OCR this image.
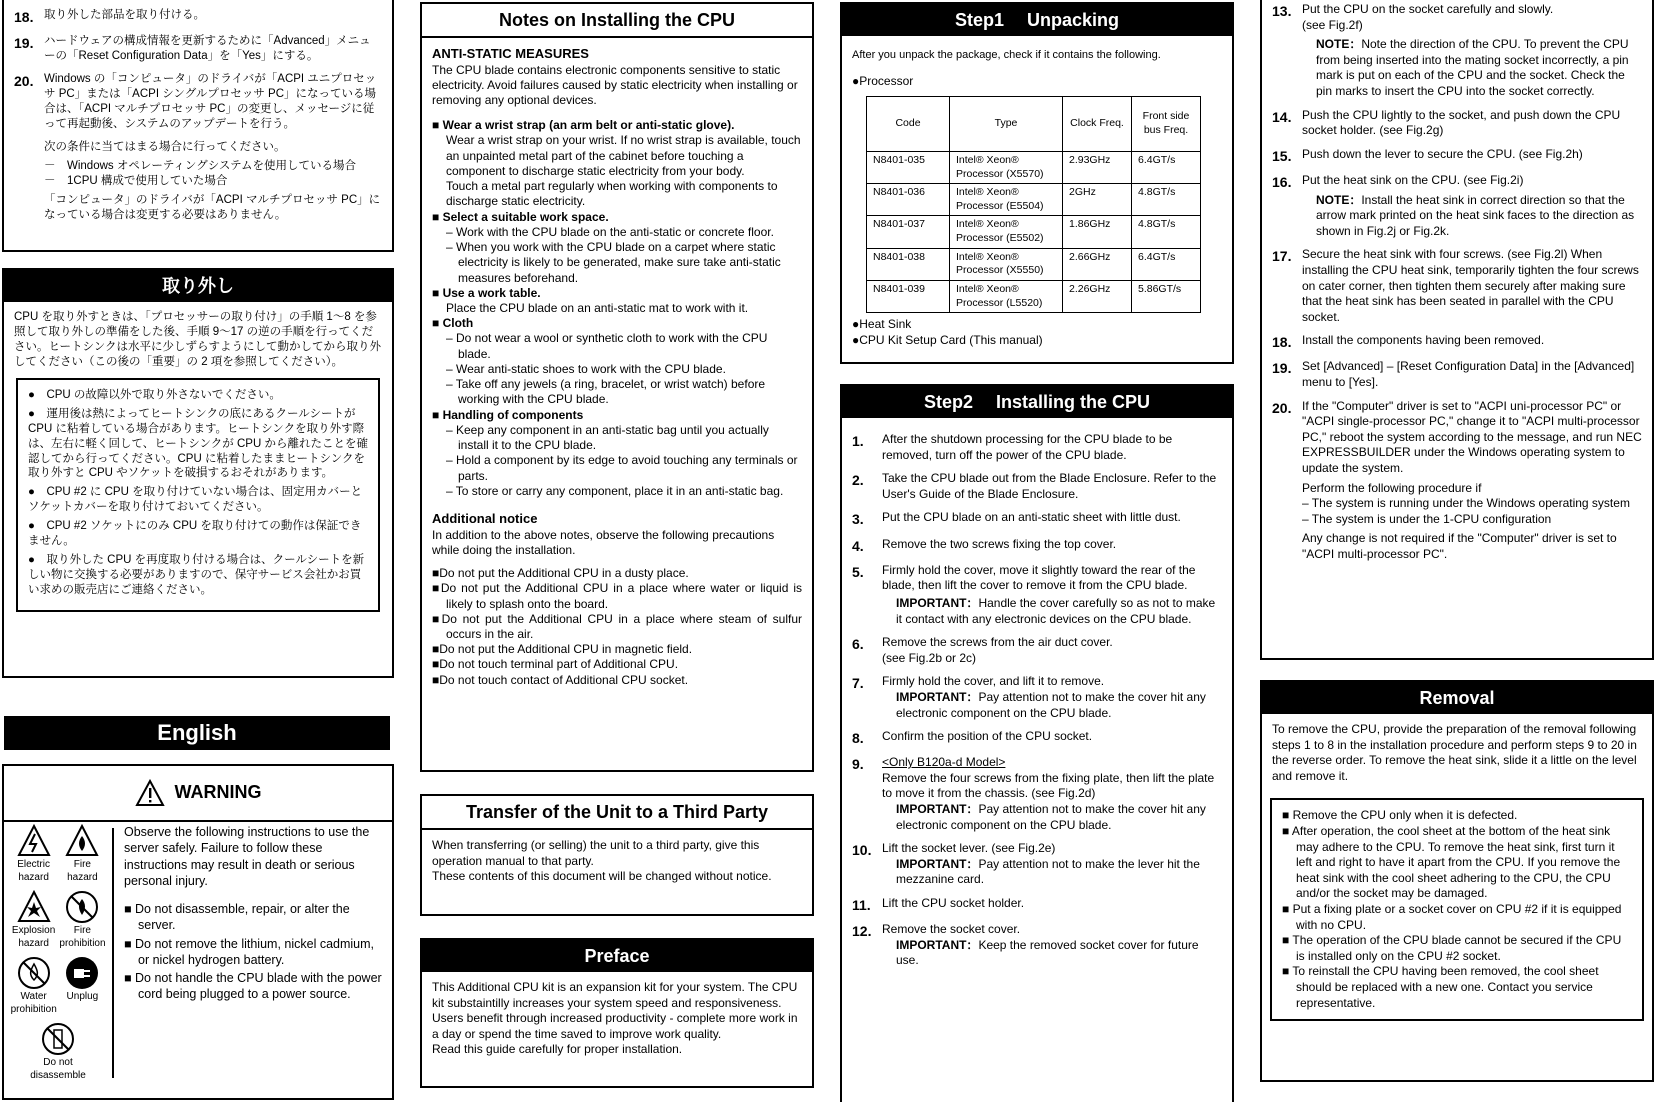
18. 取り外した部品を取り付ける。
19. ハードウェアの構成情報を更新するために「Advanced」メニューの「Reset Configuration Data」を「Yes」にする。
20. Windows の「コンピュータ」のドライバが「ACPI ユニプロセッサ PC」または「ACPI シングルプロセッサ PC」になっている場合は、「ACPI マルチプロセッサ PC」の変更し、メッセージに従って再起動後、システムのアップデートを行う。

次の条件に当てはまる場合に行ってください。

－　Windows オペレーティングシステムを使用している場合

－　1CPU 構成で使用していた場合

「コンピュータ」のドライバが「ACPI マルチプロセッサ PC」になっている場合は変更する必要はありません。

取り外し

CPU を取り外すときは、「プロセッサーの取り付け」の手順 1～8 を参照して取り外しの準備をした後、手順 9～17 の逆の手順を行ってください。ヒートシンクは水平に少しずらすようにして動かしてから取り外してください（この後の「重要」の 2 項を参照してください）。

●　CPU の故障以外で取り外さないでください。

●　運用後は熱によってヒートシンクの底にあるクールシートが CPU に粘着している場合があります。ヒートシンクを取り外す際は、左右に軽く回して、ヒートシンクが CPU から離れたことを確認してから行ってください。CPU に粘着したままヒートシンクを取り外すと CPU やソケットを破損するおそれがあります。

●　CPU #2 に CPU を取り付けていない場合は、固定用カバーとソケットカバーを取り付けておいてください。

●　CPU #2 ソケットにのみ CPU を取り付けての動作は保証できません。

●　取り外した CPU を再度取り付ける場合は、クールシートを新しい物に交換する必要がありますので、保守サービス会社かお買い求めの販売店にご連絡ください。

English
WARNING
Electric hazard
Fire hazard
Explosion hazard
Fire prohibition
Water prohibition
Unplug
Do not disassemble

Observe the following instructions to use the server safely. Failure to follow these instructions may result in death or serious personal injury.

■ Do not disassemble, repair, or alter the server.

■ Do not remove the lithium, nickel cadmium, or nickel hydrogen battery.

■ Do not handle the CPU blade with the power cord being plugged to a power source.

Notes on Installing the CPU

ANTI-STATIC MEASURES

The CPU blade contains electronic components sensitive to static electricity. Avoid failures caused by static electricity when installing or removing any optional devices.

■ Wear a wrist strap (an arm belt or anti-static glove).

Wear a wrist strap on your wrist. If no wrist strap is available, touch an unpainted metal part of the cabinet before touching a component to discharge static electricity from your body.

Touch a metal part regularly when working with components to discharge static electricity.

■ Select a suitable work space.

– Work with the CPU blade on the anti-static or concrete floor.

– When you work with the CPU blade on a carpet where static electricity is likely to be generated, make sure take anti-static measures beforehand.

■ Use a work table.

Place the CPU blade on an anti-static mat to work with it.

■ Cloth

– Do not wear a wool or synthetic cloth to work with the CPU blade.

– Wear anti-static shoes to work with the CPU blade.

– Take off any jewels (a ring, bracelet, or wrist watch) before working with the CPU blade.

■ Handling of components

– Keep any component in an anti-static bag until you actually install it to the CPU blade.

– Hold a component by its edge to avoid touching any terminals or parts.

– To store or carry any component, place it in an anti-static bag.

Additional notice

In addition to the above notes, observe the following precautions while doing the installation.

■Do not put the Additional CPU in a dusty place.

■Do not put the Additional CPU in a place where water or liquid is likely to splash onto the board.

■Do not put the Additional CPU in a place where steam of sulfur occurs in the air.

■Do not put the Additional CPU in magnetic field.

■Do not touch terminal part of Additional CPU.

■Do not touch contact of Additional CPU socket.

Transfer of the Unit to a Third Party

When transferring (or selling) the unit to a third party, give this operation manual to that party.

These contents of this document will be changed without notice.

Preface

This Additional CPU kit is an expansion kit for your system. The CPU kit substaintilly increases your system speed and responsiveness. Users benefit through increased productivity - complete more work in a day or spend the time saved to improve work quality.

Read this guide carefully for proper installation.

Step1　 Unpacking

After you unpack the package, check if it contains the following.

●Processor

Code	Type	Clock Freq.	Front side bus Freq.
N8401-035	Intel® Xeon® Processor (X5570)	2.93GHz	6.4GT/s
N8401-036	Intel® Xeon® Processor (E5504)	2GHz	4.8GT/s
N8401-037	Intel® Xeon® Processor (E5502)	1.86GHz	4.8GT/s
N8401-038	Intel® Xeon® Processor (X5550)	2.66GHz	6.4GT/s
N8401-039	Intel® Xeon® Processor (L5520)	2.26GHz	5.86GT/s

●Heat Sink

●CPU Kit Setup Card (This manual)

Step2　 Installing the CPU
1.	After the shutdown processing for the CPU blade to be removed, turn off the power of the CPU blade.
2.	Take the CPU blade out from the Blade Enclosure. Refer to the User's Guide of the Blade Enclosure.
3.	Put the CPU blade on an anti-static sheet with little dust.
4.	Remove the two screws fixing the top cover.
5.	Firmly hold the cover, move it slightly toward the rear of the blade, then lift the cover to remove it from the CPU blade.

IMPORTANT：Handle the cover carefully so as not to make it contact with any electronic devices on the CPU blade.
6.	Remove the screws from the air duct cover.
(see Fig.2b or 2c)
7.	Firmly hold the cover, and lift it to remove.

IMPORTANT：Pay attention not to make the cover hit any electronic component on the CPU blade.
8.	Confirm the position of the CPU socket.
9.	<Only B120a-d Model>
Remove the four screws from the fixing plate, then lift the plate to move it from the chassis. (see Fig.2d)

IMPORTANT：Pay attention not to make the cover hit any electronic component on the CPU blade.
10. Lift the socket lever. (see Fig.2e)

IMPORTANT：Pay attention not to make the lever hit the mezzanine card.
11. Lift the CPU socket holder.
12. Remove the socket cover.

IMPORTANT：Keep the removed socket cover for future use.
13. Put the CPU on the socket carefully and slowly.
(see Fig.2f)
NOTE：Note the direction of the CPU. To prevent the CPU from being inserted into the mating socket incorrectly, a pin mark is put on each of the CPU and the socket. Check the pin marks to insert the CPU into the socket correctly.
14. Push the CPU lightly to the socket, and push down the CPU socket holder. (see Fig.2g)
15. Push down the lever to secure the CPU. (see Fig.2h)
16. Put the heat sink on the CPU. (see Fig.2i)
NOTE：Install the heat sink in correct direction so that the arrow mark printed on the heat sink faces to the direction as shown in Fig.2j or Fig.2k.
17. Secure the heat sink with four screws. (see Fig.2l) When installing the CPU heat sink, temporarily tighten the four screws on cater corner, then tighten them securely after making sure that the heat sink has been seated in parallel with the CPU socket.
18. Install the components having been removed.
19. Set [Advanced] – [Reset Configuration Data] in the [Advanced] menu to [Yes].
20. If the "Computer" driver is set to "ACPI uni-processor PC" or "ACPI single-processor PC," change it to "ACPI multi-processor PC," reboot the system according to the message, and run NEC EXPRESSBUILDER under the Windows operating system to update the system.
Perform the following procedure if
– The system is running under the Windows operating system
– The system is under the 1-CPU configuration
Any change is not required if the "Computer" driver is set to "ACPI multi-processor PC".
Removal

To remove the CPU, provide the preparation of the removal following steps 1 to 8 in the installation procedure and perform steps 9 to 20 in the reverse order. To remove the heat sink, slide it a little on the level and remove it.

■ Remove the CPU only when it is defected.

■ After operation, the cool sheet at the bottom of the heat sink may adhere to the CPU. To remove the heat sink, first turn it left and right to have it apart from the CPU. If you remove the heat sink with the cool sheet adhering to the CPU, the CPU and/or the socket may be damaged.

■ Put a fixing plate or a socket cover on CPU #2 if it is equipped with no CPU.

■ The operation of the CPU blade cannot be secured if the CPU is installed only on the CPU #2 socket.

■ To reinstall the CPU having been removed, the cool sheet should be replaced with a new one. Contact you service representative.
